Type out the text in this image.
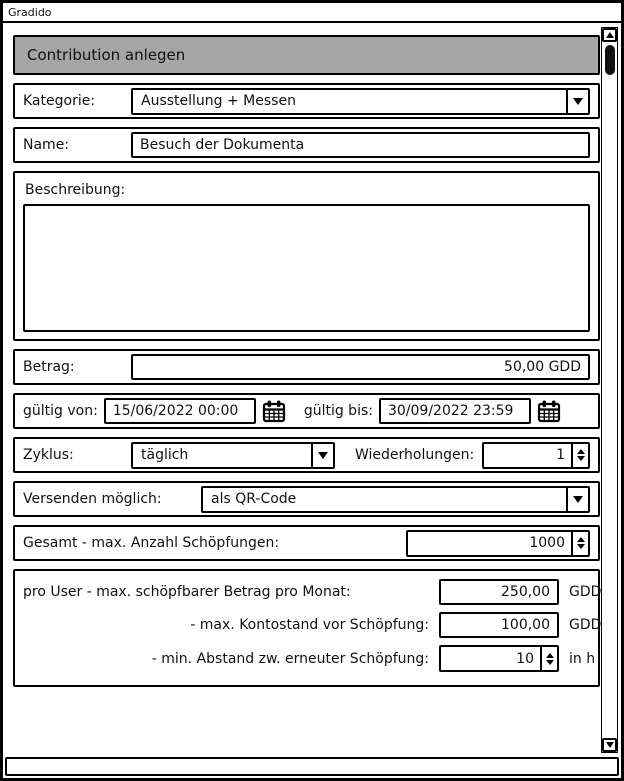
Gradido
Contribution anlegen
Kategorie:	Ausstellung + Messen
Name:
Besuch der Dokumenta
Beschreibung:
Betrag:
50,00 GDD
gültig von:
15/06/2022 00:00	gültig bis:
30/09/2022 23:59
Zyklus:	täglich	Wiederholungen:
1
Versenden möglich:	als QR-Code
Gesamt - max. Anzahl Schöpfungen:
1000
pro User - max. schöpfbarer Betrag pro Monat:
250,00	GDD
- max. Kontostand vor Schöpfung:
100,00	GDD
- min. Abstand zw. erneuter Schöpfung:
10	in h
